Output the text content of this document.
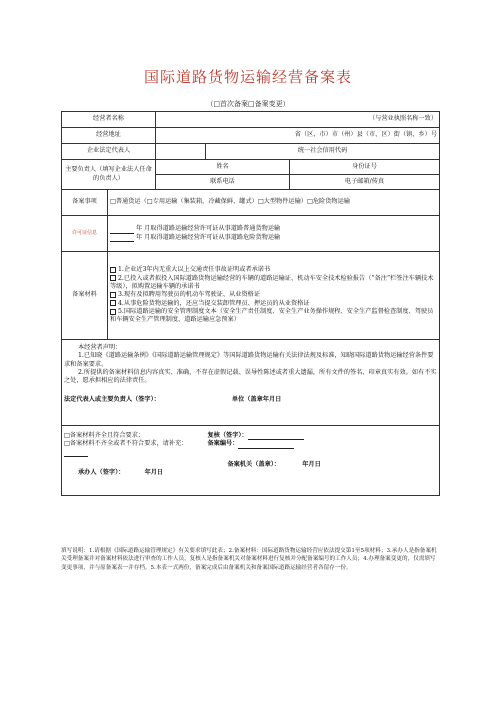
国际道路货物运输经营备案表
（□首次备案□备案变更）
经营者名称		（与营业执照名称一致）		
经营地址		省（区、市）市（州）县（市、区）街（镇、乡）号		
企业法定代表人			统一社会信用代码	
主要负责人（填写企业法人任命的负责人）		姓名		身份证号
		联系电话		电子邮箱/传真
备案事项	□普通货运（□专用运输（集装箱、冷藏保鲜、罐式）□大型物件运输）□危险货物运输			
许可证信息	年 月取得道路运输经营许可证从事道路普通货物运输
年 月取得道路运输经营许可证从事道路危险货物运输			

备案材料	1.企业近3年内无重大以上交通责任事故证明或者承诺书
2.已投入或者拟投入国际道路货物运输经营的车辆的道路运输证、机动车安全技术检验报告（“备注”栏签注车辆技术等级），拟购置运输车辆的承诺书
3.现有及拟聘用驾驶员的机动车驾驶证、从业资格证
4.从事危险货物运输的，还应当提交装卸管理员、押运员的从业资格证
5.国际道路运输的安全管理制度文本（安全生产责任制度、安全生产业务操作规程、安全生产监督检查制度、驾驶员和车辆安全生产管理制度、道路运输应急预案）			

本经营者声明：
1.已知晓《道路运输条例》《国际道路运输管理规定》等国际道路货物运输有关法律法规及标准，知晓国际道路货物运输经营条件要求和备案要求。
2.所提供的备案材料信息内容真实、准确，不存在虚假记载、误导性陈述或者重大遗漏，所有文件的签名、印章真实有效。如有不实之处，愿承担相应的法律责任。
法定代表人或主要负责人（签字）： 单位（盖章年月日				

□备案材料齐全且符合要求；
□备案材料不齐全或者不符合要求，请补充：
承办人（签字）： 年月日			复核（签字）：
备案编号：
备案机关（盖章）： 年月日	
填写说明：1.请根据《国际道路运输管理规定》有关要求填写此表；2.备案材料：国际道路货物运输经营应依法提交第1至5项材料；3.承办人是指备案机关受理备案并对备案材料依法进行审查的工作人员，复核人是指备案机关对备案材料进行复核并分配备案编号的工作人员；4.办理备案变更的，仅需填写变更事项，并与原备案表一并存档。5.本表一式两份，备案完成后由备案机关和备案国际道路运输经营者各留存一份。
